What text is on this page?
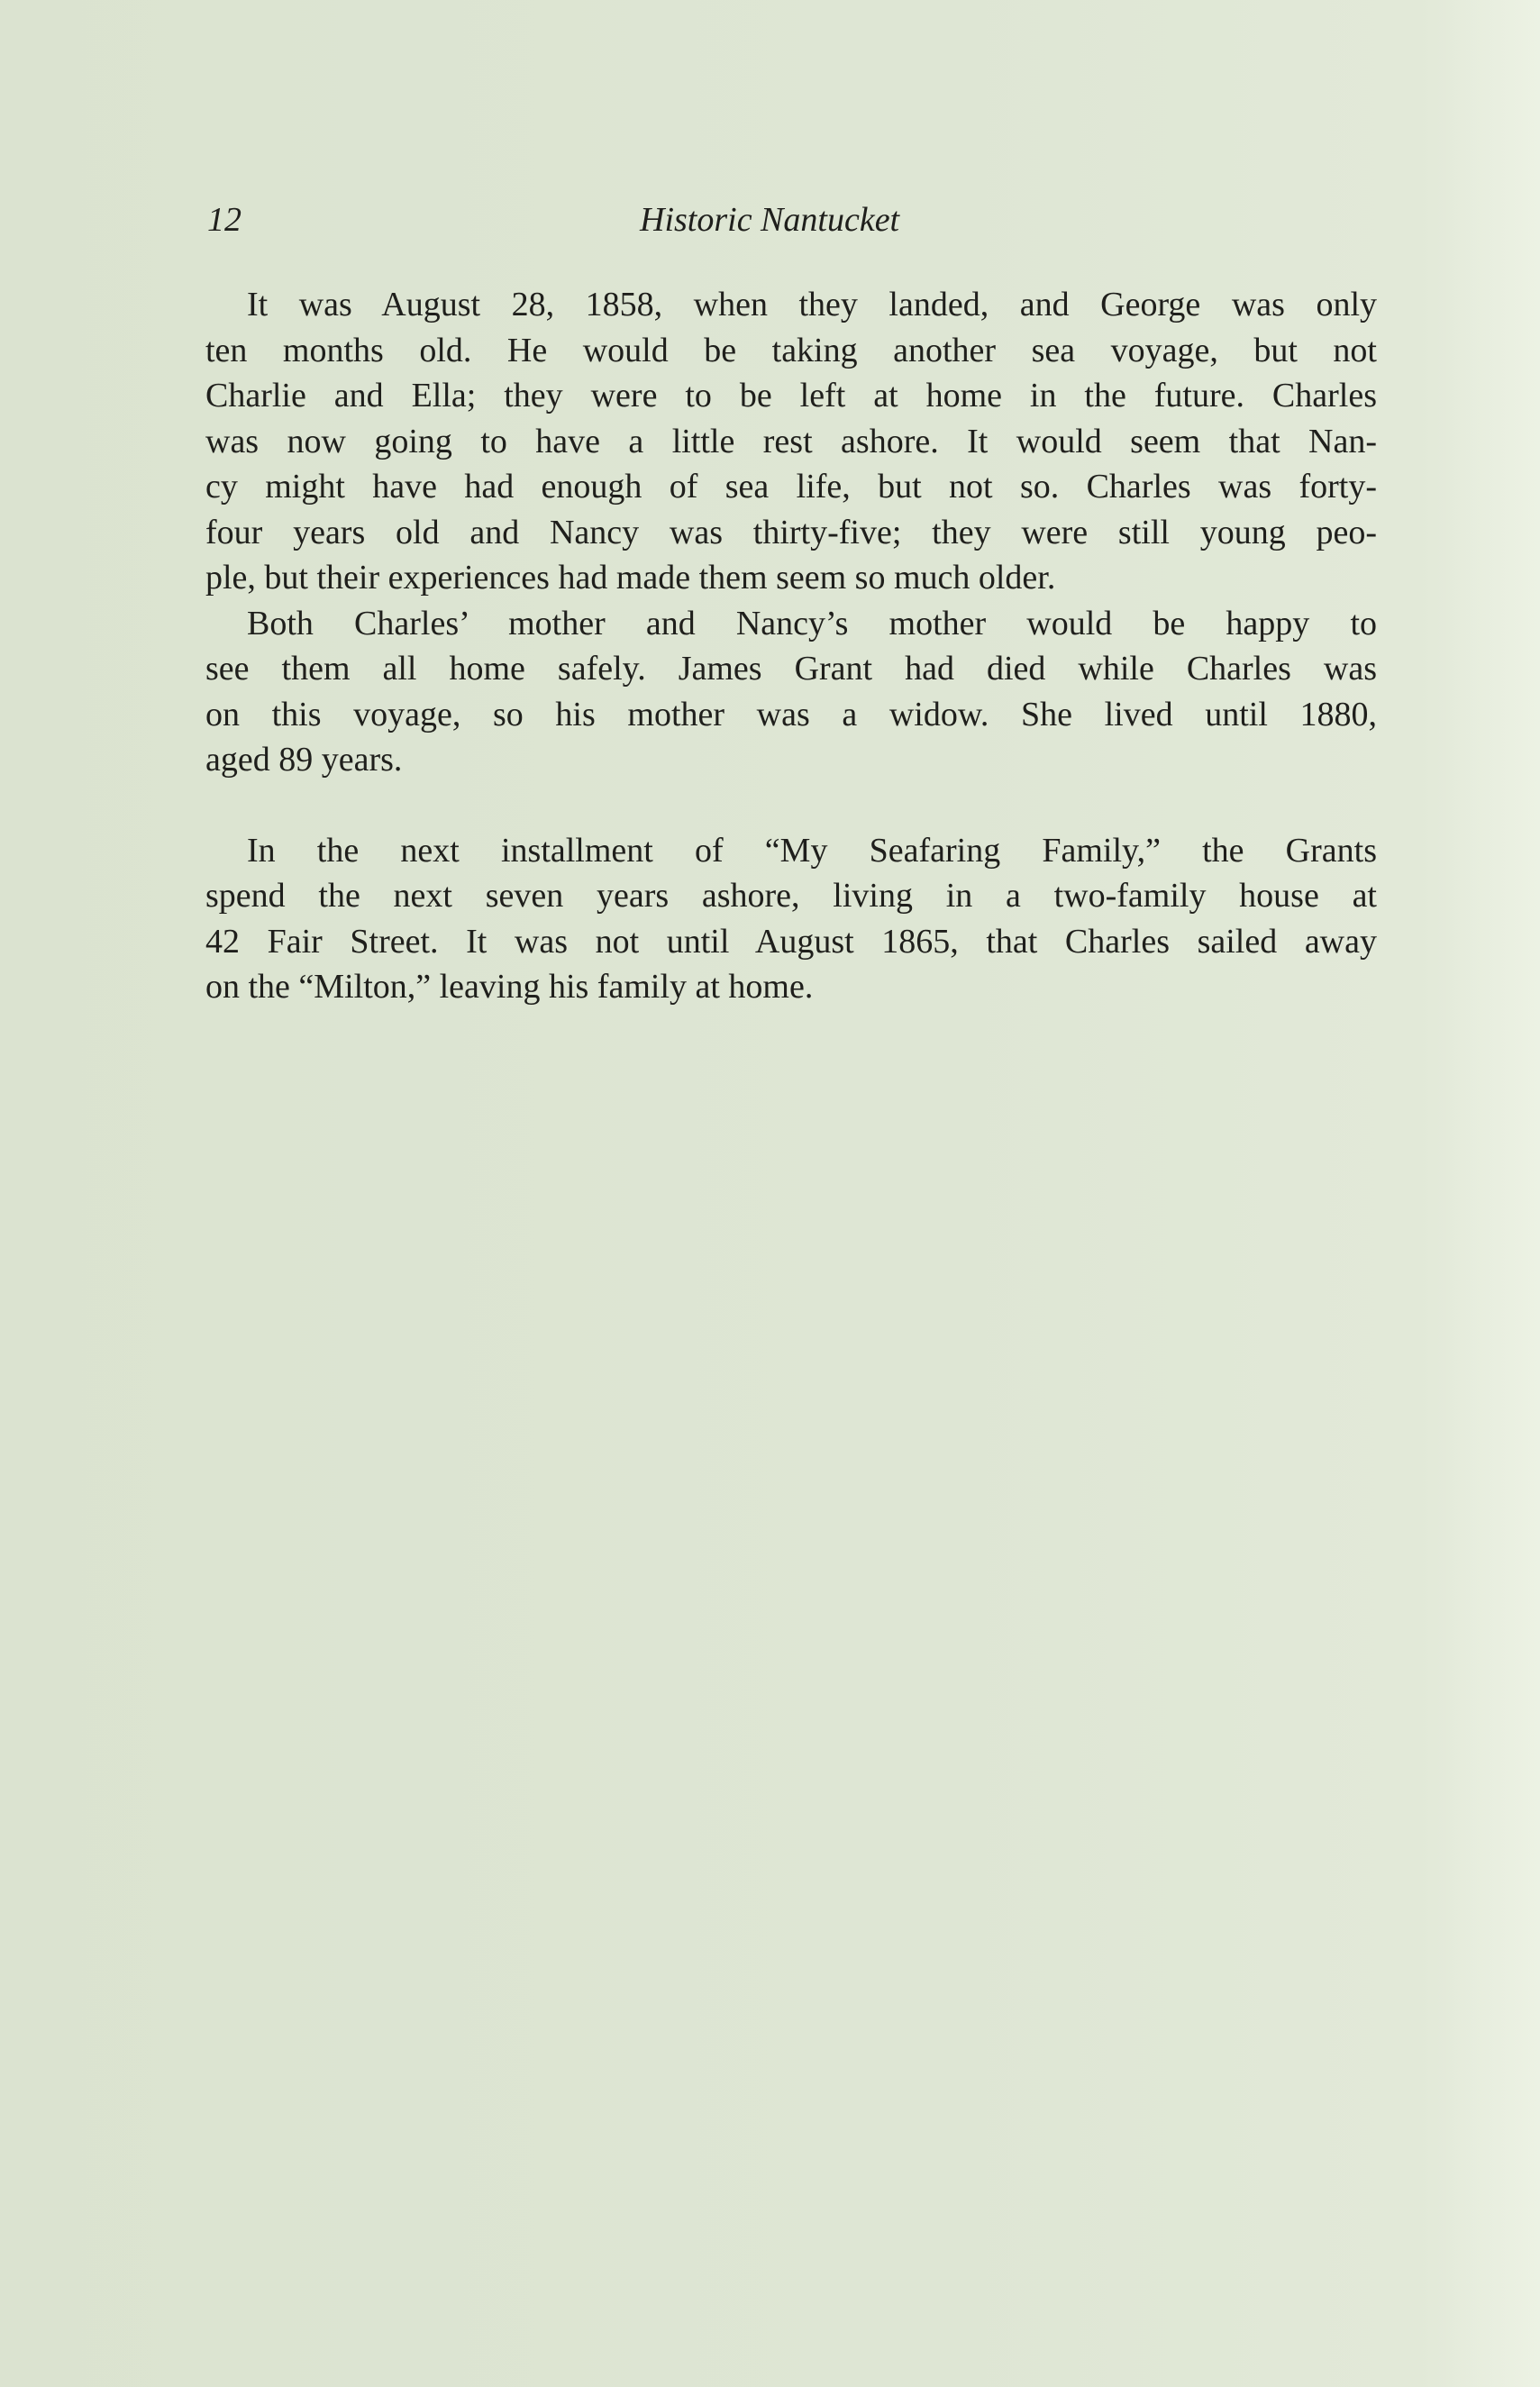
12	Historic Nantucket
It was August 28, 1858, when they landed, and George was only
ten months old. He would be taking another sea voyage, but not
Charlie and Ella; they were to be left at home in the future. Charles
was now going to have a little rest ashore. It would seem that Nan-
cy might have had enough of sea life, but not so. Charles was forty-
four years old and Nancy was thirty-five; they were still young peo-
ple, but their experiences had made them seem so much older.
Both Charles’ mother and Nancy’s mother would be happy to
see them all home safely. James Grant had died while Charles was
on this voyage, so his mother was a widow. She lived until 1880,
aged 89 years.
In the next installment of “My Seafaring Family,” the Grants
spend the next seven years ashore, living in a two-family house at
42 Fair Street. It was not until August 1865, that Charles sailed away
on the “Milton,” leaving his family at home.
